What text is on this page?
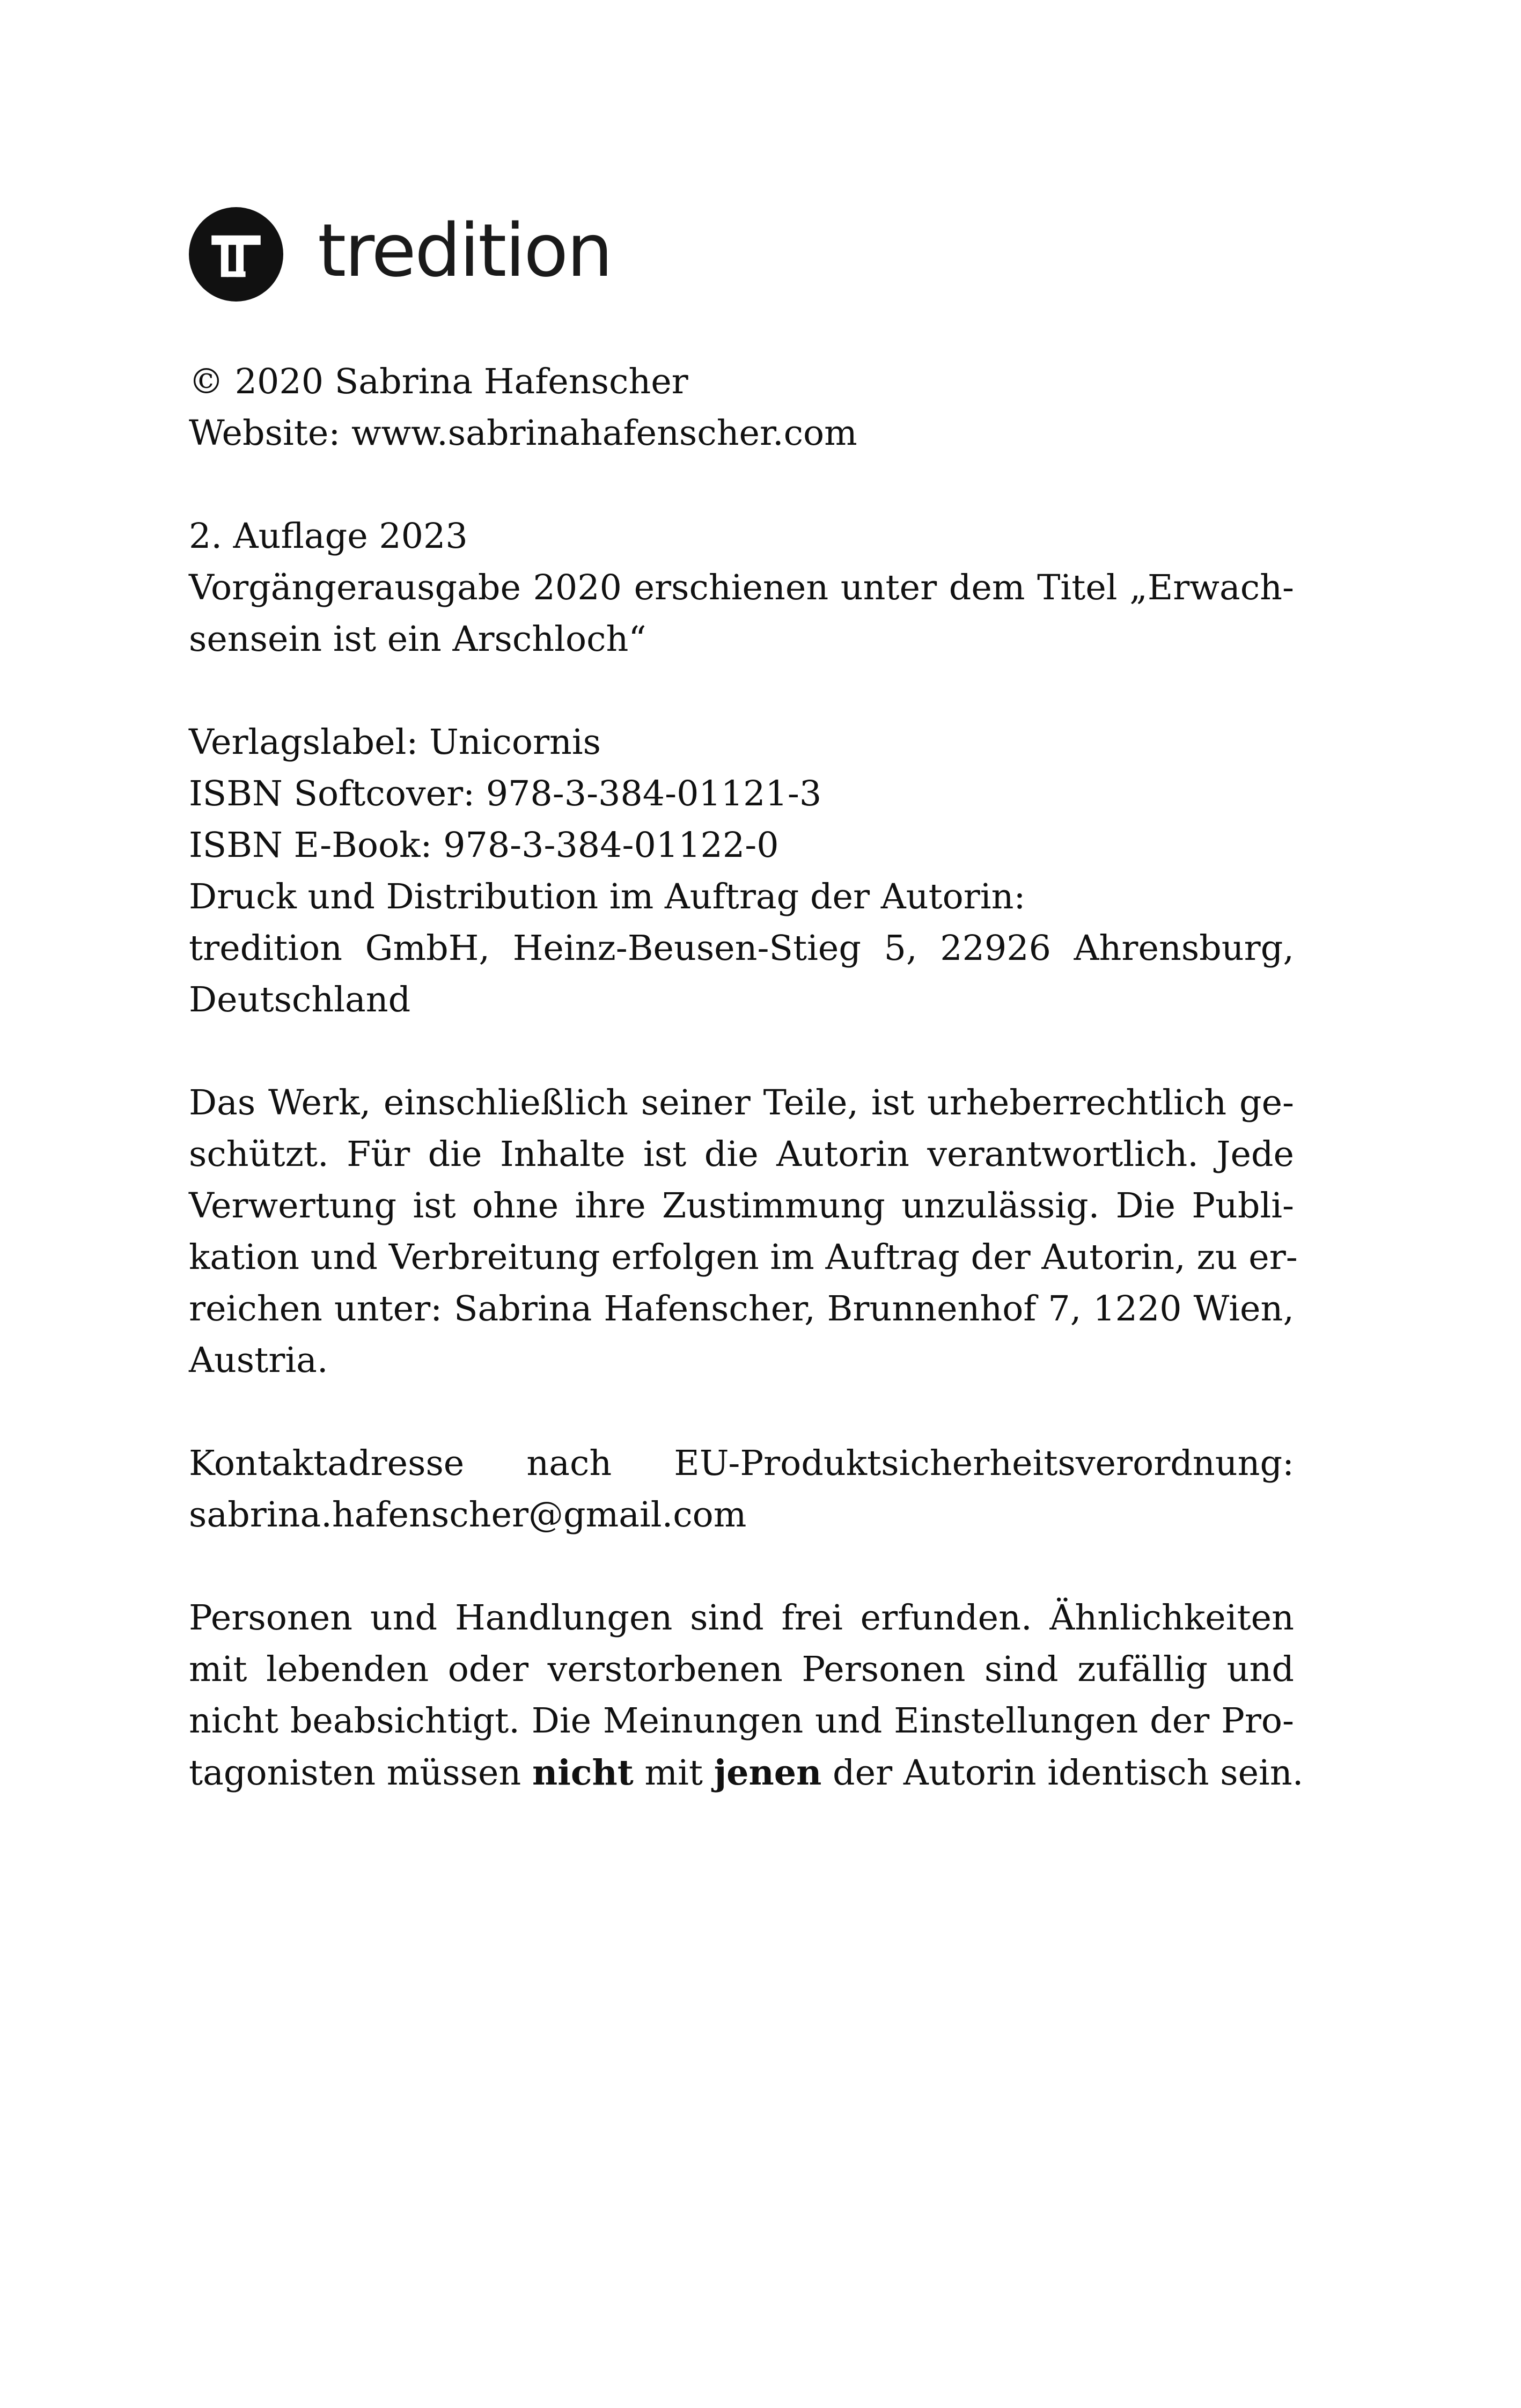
tredition
© 2020 Sabrina Hafenscher
Website: www.sabrinahafenscher.com
2. Auflage 2023
Vorgängerausgabe 2020 erschienen unter dem Titel „Erwach-
sensein ist ein Arschloch“
Verlagslabel: Unicornis
ISBN Softcover: 978-3-384-01121-3
ISBN E-Book: 978-3-384-01122-0
Druck und Distribution im Auftrag der Autorin:
tredition GmbH, Heinz-Beusen-Stieg 5, 22926 Ahrensburg,
Deutschland
Das Werk, einschließlich seiner Teile, ist urheberrechtlich ge-
schützt. Für die Inhalte ist die Autorin verantwortlich. Jede
Verwertung ist ohne ihre Zustimmung unzulässig. Die Publi-
kation und Verbreitung erfolgen im Auftrag der Autorin, zu er-
reichen unter: Sabrina Hafenscher, Brunnenhof 7, 1220 Wien,
Austria.
Kontaktadresse nach EU-Produktsicherheitsverordnung:
sabrina.hafenscher@gmail.com
Personen und Handlungen sind frei erfunden. Ähnlichkeiten
mit lebenden oder verstorbenen Personen sind zufällig und
nicht beabsichtigt. Die Meinungen und Einstellungen der Pro-
tagonisten müssen nicht mit jenen der Autorin identisch sein.
